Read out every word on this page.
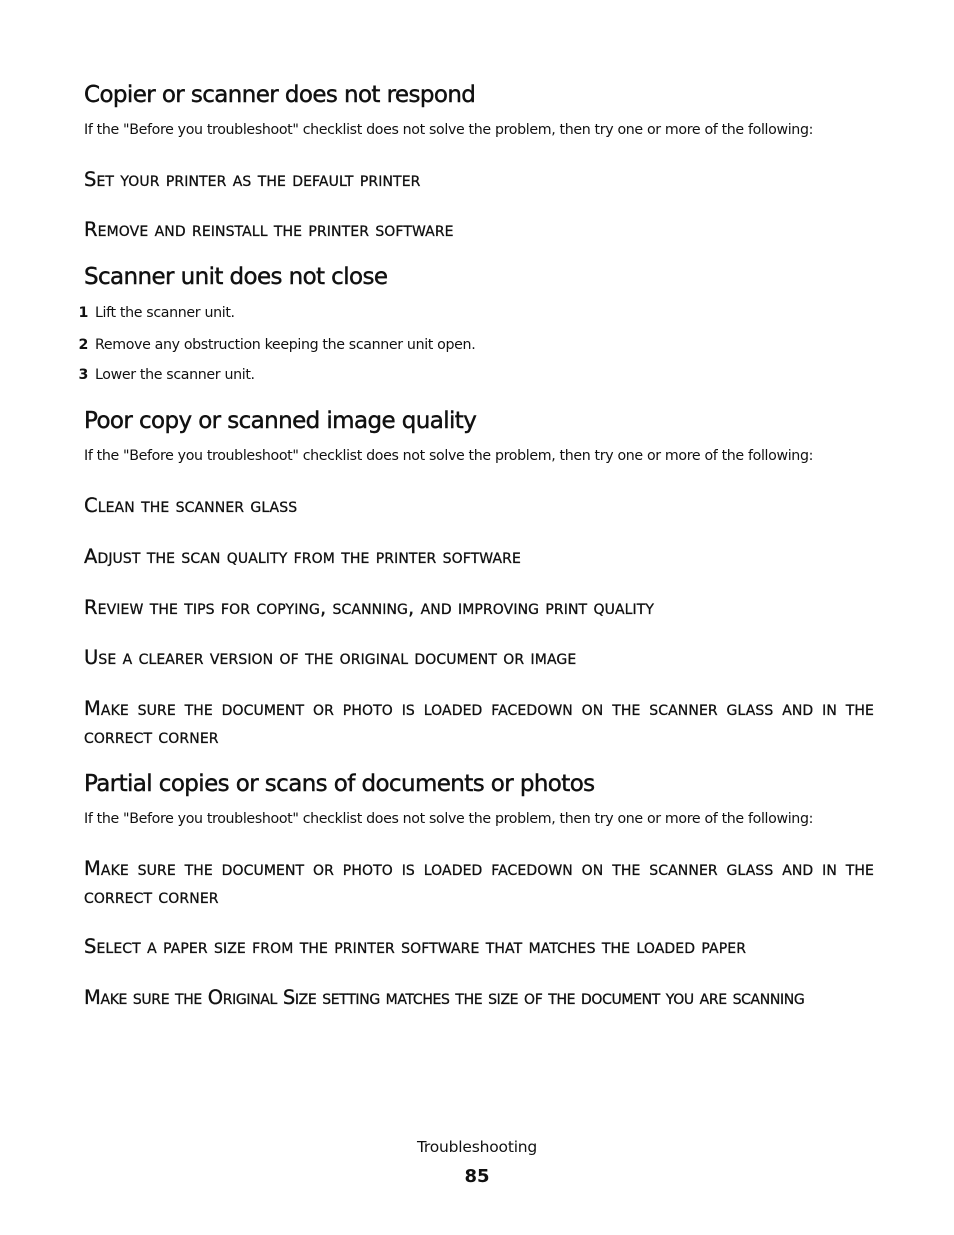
Copier or scanner does not respond

If the "Before you troubleshoot" checklist does not solve the problem, then try one or more of the following:

Set your printer as the default printer
Remove and reinstall the printer software
Scanner unit does not close
1 Lift the scanner unit.
2 Remove any obstruction keeping the scanner unit open.
3 Lower the scanner unit.
Poor copy or scanned image quality

If the "Before you troubleshoot" checklist does not solve the problem, then try one or more of the following:

Clean the scanner glass
Adjust the scan quality from the printer software
Review the tips for copying, scanning, and improving print quality
Use a clearer version of the original document or image
Make sure the document or photo is loaded facedown on the scanner glass and in the correct corner
Partial copies or scans of documents or photos

If the "Before you troubleshoot" checklist does not solve the problem, then try one or more of the following:

Make sure the document or photo is loaded facedown on the scanner glass and in the correct corner
Select a paper size from the printer software that matches the loaded paper
Make sure the Original Size setting matches the size of the document you are scanning
Troubleshooting
85
